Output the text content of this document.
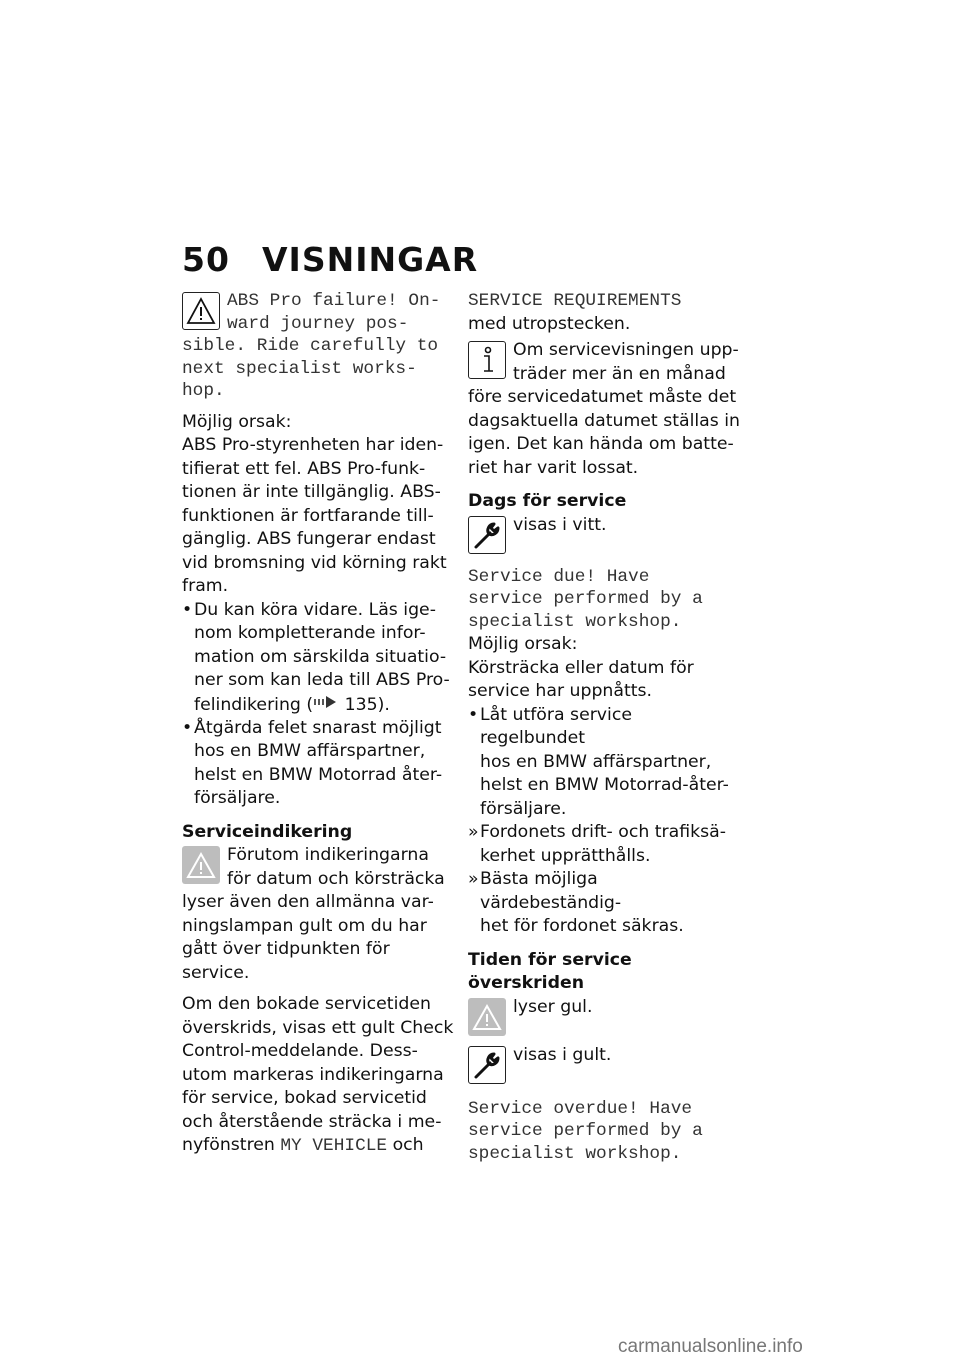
50 VISNINGAR
ABS Pro failure! On-
ward journey pos-
sible. Ride carefully to
next specialist works-
hop.

Möjlig orsak:

ABS Pro-styrenheten har iden-
tifierat ett fel. ABS Pro-funk-
tionen är inte tillgänglig. ABS-
funktionen är fortfarande till-
gänglig. ABS fungerar endast
vid bromsning vid körning rakt
fram.
• Du kan köra vidare. Läs ige-
nom kompletterande infor-
mation om särskilda situatio-
ner som kan leda till ABS Pro-
felindikering ( 135).
• Åtgärda felet snarast möjligt
hos en BMW affärspartner,
helst en BMW Motorrad åter-
försäljare.

Serviceindikering

Förutom indikeringarna
för datum och körsträcka
lyser även den allmänna var-
ningslampan gult om du har
gått över tidpunkten för service.
Om den bokade servicetiden
överskrids, visas ett gult Check
Control-meddelande. Dess-
utom markeras indikeringarna
för service, bokad servicetid
och återstående sträcka i me-
nyfönstren MY VEHICLE och
SERVICE REQUIREMENTS

med utropstecken.

Om servicevisningen upp-
träder mer än en månad
före servicedatumet måste det
dagsaktuella datumet ställas in
igen. Det kan hända om batte-
riet har varit lossat.

Dags för service

visas i vitt.
Service due! Have
service performed by a
specialist workshop.

Möjlig orsak:

Körsträcka eller datum för
service har uppnåtts.
• Låt utföra service regelbundet
hos en BMW affärspartner,
helst en BMW Motorrad-åter-
försäljare.
» Fordonets drift- och trafiksä-
kerhet upprätthålls.
» Bästa möjliga värdebeständig-
het för fordonet säkras.

Tiden för service överskriden

lyser gul.
visas i gult.
Service overdue! Have
service performed by a
specialist workshop.
carmanualsonline.info
